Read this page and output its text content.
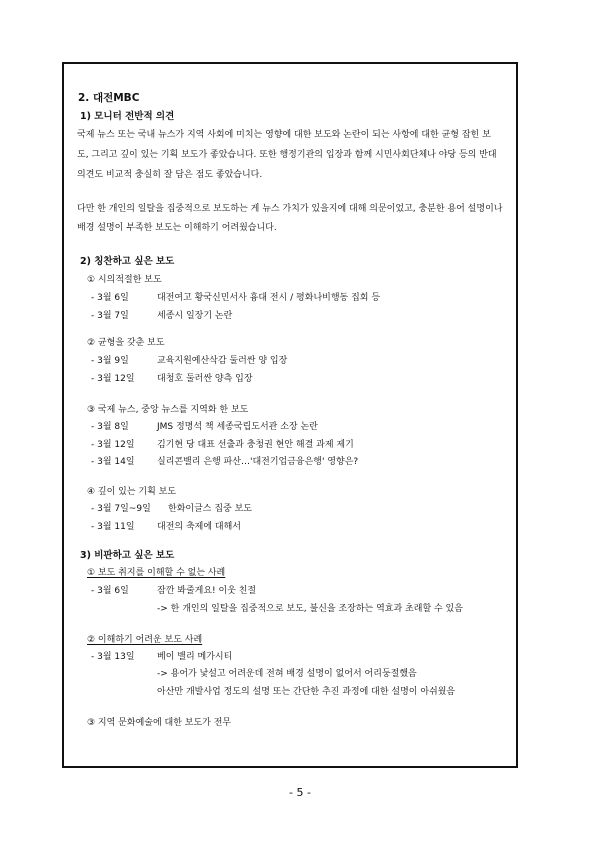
2. 대전MBC
1) 모니터 전반적 의견
국제 뉴스 또는 국내 뉴스가 지역 사회에 미치는 영향에 대한 보도와 논란이 되는 사항에 대한 균형 잡힌 보
도, 그리고 깊이 있는 기획 보도가 좋았습니다. 또한 행정기관의 입장과 함께 시민사회단체나 야당 등의 반대
의견도 비교적 충실히 잘 담은 점도 좋았습니다.
다만 한 개인의 일탈을 집중적으로 보도하는 게 뉴스 가치가 있을지에 대해 의문이었고, 충분한 용어 설명이나
배경 설명이 부족한 보도는 이해하기 어려웠습니다.
2) 칭찬하고 싶은 보도
① 시의적절한 보도
- 3월 6일	대전여고 황국신민서사 흉대 전시 / 평화나비행동 집회 등
- 3월 7일	세종시 일장기 논란
② 균형을 갖춘 보도
- 3월 9일	교육지원예산삭감 둘러싼 양 입장
- 3월 12일 대청호 둘러싼 양측 입장
③ 국제 뉴스, 중앙 뉴스를 지역화 한 보도
- 3월 8일	JMS 정명석 책 세종국립도서관 소장 논란
- 3월 12일 김기현 당 대표 선출과 충청권 현안 해결 과제 제기
- 3월 14일 실리콘밸리 은행 파산…'대전기업금융은행' 영향은?
④ 깊이 있는 기획 보도
- 3월 7일~9일 한화이글스 집중 보도
- 3월 11일 대전의 축제에 대해서
3) 비판하고 싶은 보도
① 보도 취지를 이해할 수 없는 사례
- 3월 6일	잠깐 봐줄게요! 이웃 친절
-> 한 개인의 일탈을 집중적으로 보도, 불신을 조장하는 역효과 초래할 수 있음
② 이해하기 어려운 보도 사례
- 3월 13일 베이 밸리 메가시티
-> 용어가 낯설고 어려운데 전혀 배경 설명이 없어서 어리둥절했음
아산만 개발사업 정도의 설명 또는 간단한 추진 과정에 대한 설명이 아쉬웠음
③ 지역 문화예술에 대한 보도가 전무
- 5 -
